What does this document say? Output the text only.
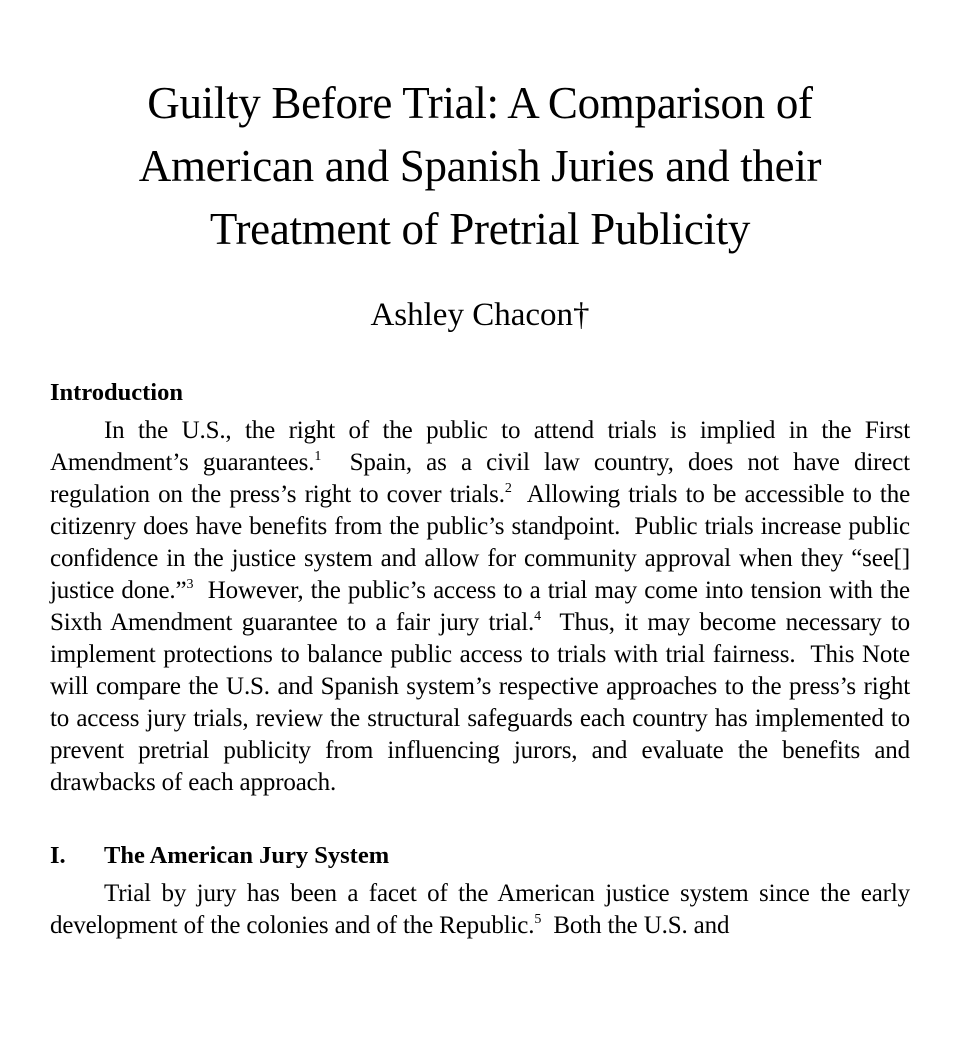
Guilty Before Trial: A Comparison of
American and Spanish Juries and their
Treatment of Pretrial Publicity
Ashley Chacon†
Introduction

In the U.S., the right of the public to attend trials is implied in the First Amendment’s guarantees.$^1$  Spain, as a civil law country, does not have direct regulation on the press’s right to cover trials.$^2$  Allowing trials to be accessible to the citizenry does have benefits from the public’s standpoint.  Public trials increase public confidence in the justice system and allow for community approval when they “see[] justice done.”$^3$  However, the public’s access to a trial may come into tension with the Sixth Amendment guarantee to a fair jury trial.$^4$  Thus, it may become necessary to implement protections to balance public access to trials with trial fairness.  This Note will compare the U.S. and Spanish system’s respective approaches to the press’s right to access jury trials, review the structural safeguards each country has implemented to prevent pretrial publicity from influencing jurors, and evaluate the benefits and drawbacks of each approach.

I. The American Jury System

Trial by jury has been a facet of the American justice system since the early development of the colonies and of the Republic.$^5$  Both the U.S. and
